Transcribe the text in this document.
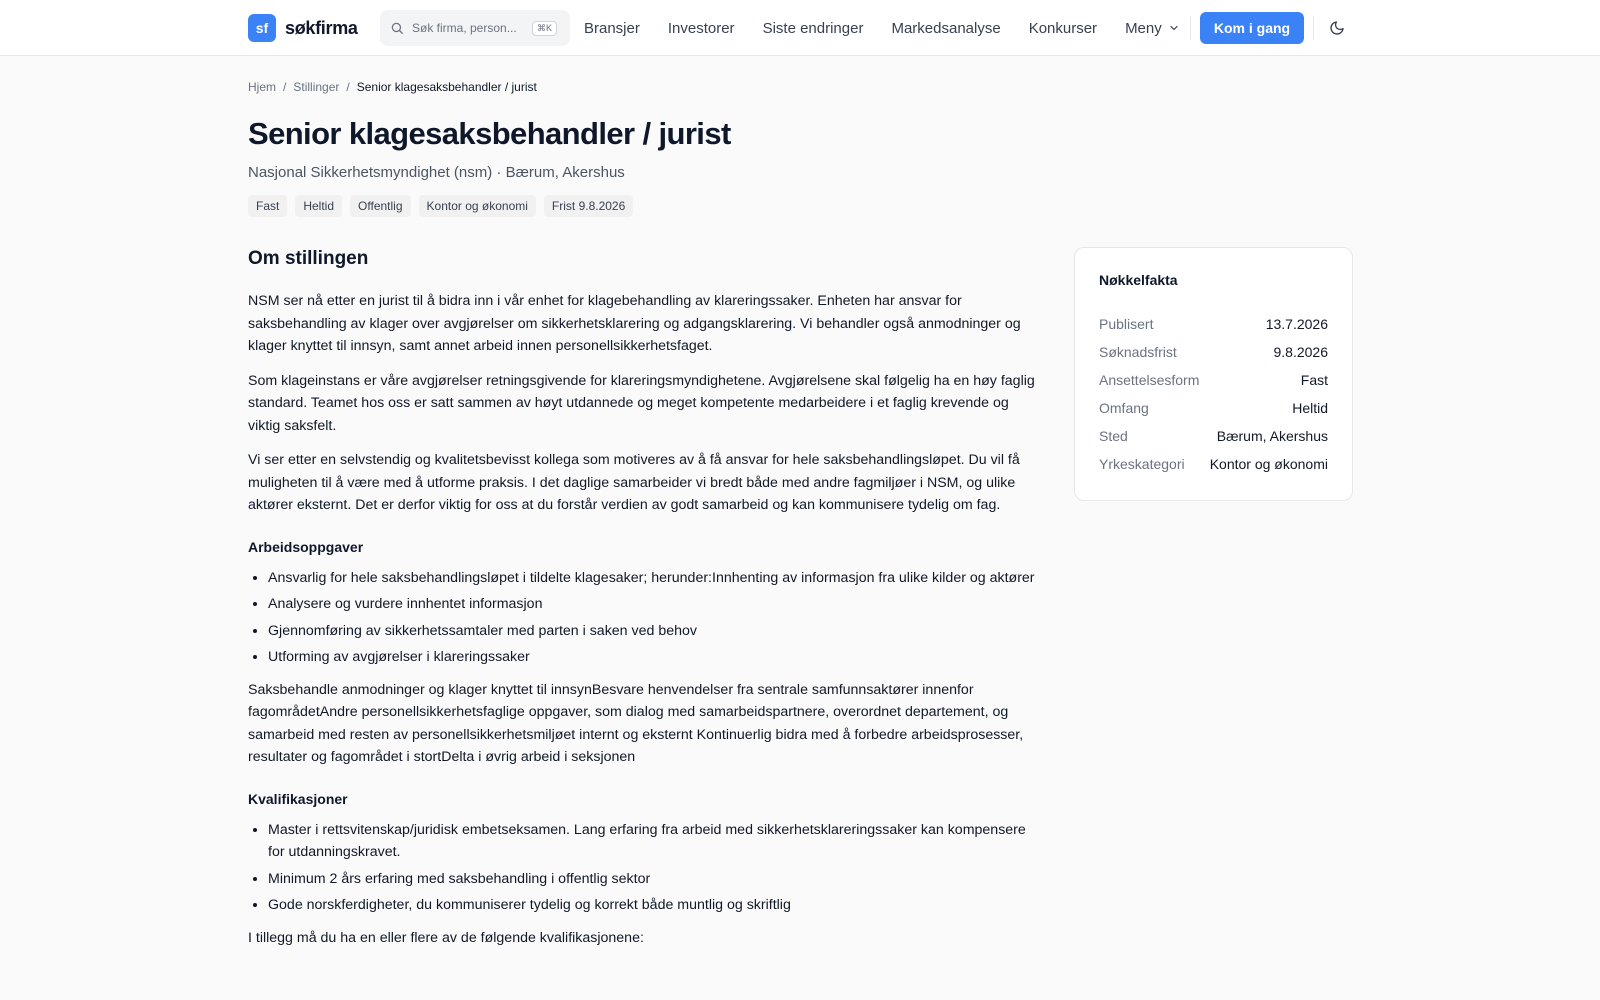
sf søkfirma
Søk firma, person...	⌘K	Bransjer Investorer Siste endringer Markedsanalyse Konkurser Meny	Kom i gang
Hjem / Stillinger / Senior klagesaksbehandler / jurist
Senior klagesaksbehandler / jurist
Nasjonal Sikkerhetsmyndighet (nsm) · Bærum, Akershus
Fast	Heltid	Offentlig	Kontor og økonomi	Frist 9.8.2026
Om stillingen

NSM ser nå etter en jurist til å bidra inn i vår enhet for klagebehandling av klareringssaker. Enheten har ansvar for saksbehandling av klager over avgjørelser om sikkerhetsklarering og adgangsklarering. Vi behandler også anmodninger og klager knyttet til innsyn, samt annet arbeid innen personellsikkerhetsfaget.

Som klageinstans er våre avgjørelser retningsgivende for klareringsmyndighetene. Avgjørelsene skal følgelig ha en høy faglig standard. Teamet hos oss er satt sammen av høyt utdannede og meget kompetente medarbeidere i et faglig krevende og viktig saksfelt.

Vi ser etter en selvstendig og kvalitetsbevisst kollega som motiveres av å få ansvar for hele saksbehandlingsløpet. Du vil få muligheten til å være med å utforme praksis. I det daglige samarbeider vi bredt både med andre fagmiljøer i NSM, og ulike aktører eksternt. Det er derfor viktig for oss at du forstår verdien av godt samarbeid og kan kommunisere tydelig om fag.

Arbeidsoppgaver
• Ansvarlig for hele saksbehandlingsløpet i tildelte klagesaker; herunder:Innhenting av informasjon fra ulike kilder og aktører
• Analysere og vurdere innhentet informasjon
• Gjennomføring av sikkerhetssamtaler med parten i saken ved behov
• Utforming av avgjørelser i klareringssaker

Saksbehandle anmodninger og klager knyttet til innsynBesvare henvendelser fra sentrale samfunnsaktører innenfor fagområdetAndre personellsikkerhetsfaglige oppgaver, som dialog med samarbeidspartnere, overordnet departement, og samarbeid med resten av personellsikkerhetsmiljøet internt og eksternt Kontinuerlig bidra med å forbedre arbeidsprosesser, resultater og fagområdet i stortDelta i øvrig arbeid i seksjonen

Kvalifikasjoner
• Master i rettsvitenskap/juridisk embetseksamen. Lang erfaring fra arbeid med sikkerhetsklareringssaker kan kompensere for utdanningskravet.
• Minimum 2 års erfaring med saksbehandling i offentlig sektor
• Gode norskferdigheter, du kommuniserer tydelig og korrekt både muntlig og skriftlig

I tillegg må du ha en eller flere av de følgende kvalifikasjonene:

Nøkkelfakta
Publisert	13.7.2026
Søknadsfrist	9.8.2026
Ansettelsesform	Fast
Omfang	Heltid
Sted	Bærum, Akershus
Yrkeskategori Kontor og økonomi
